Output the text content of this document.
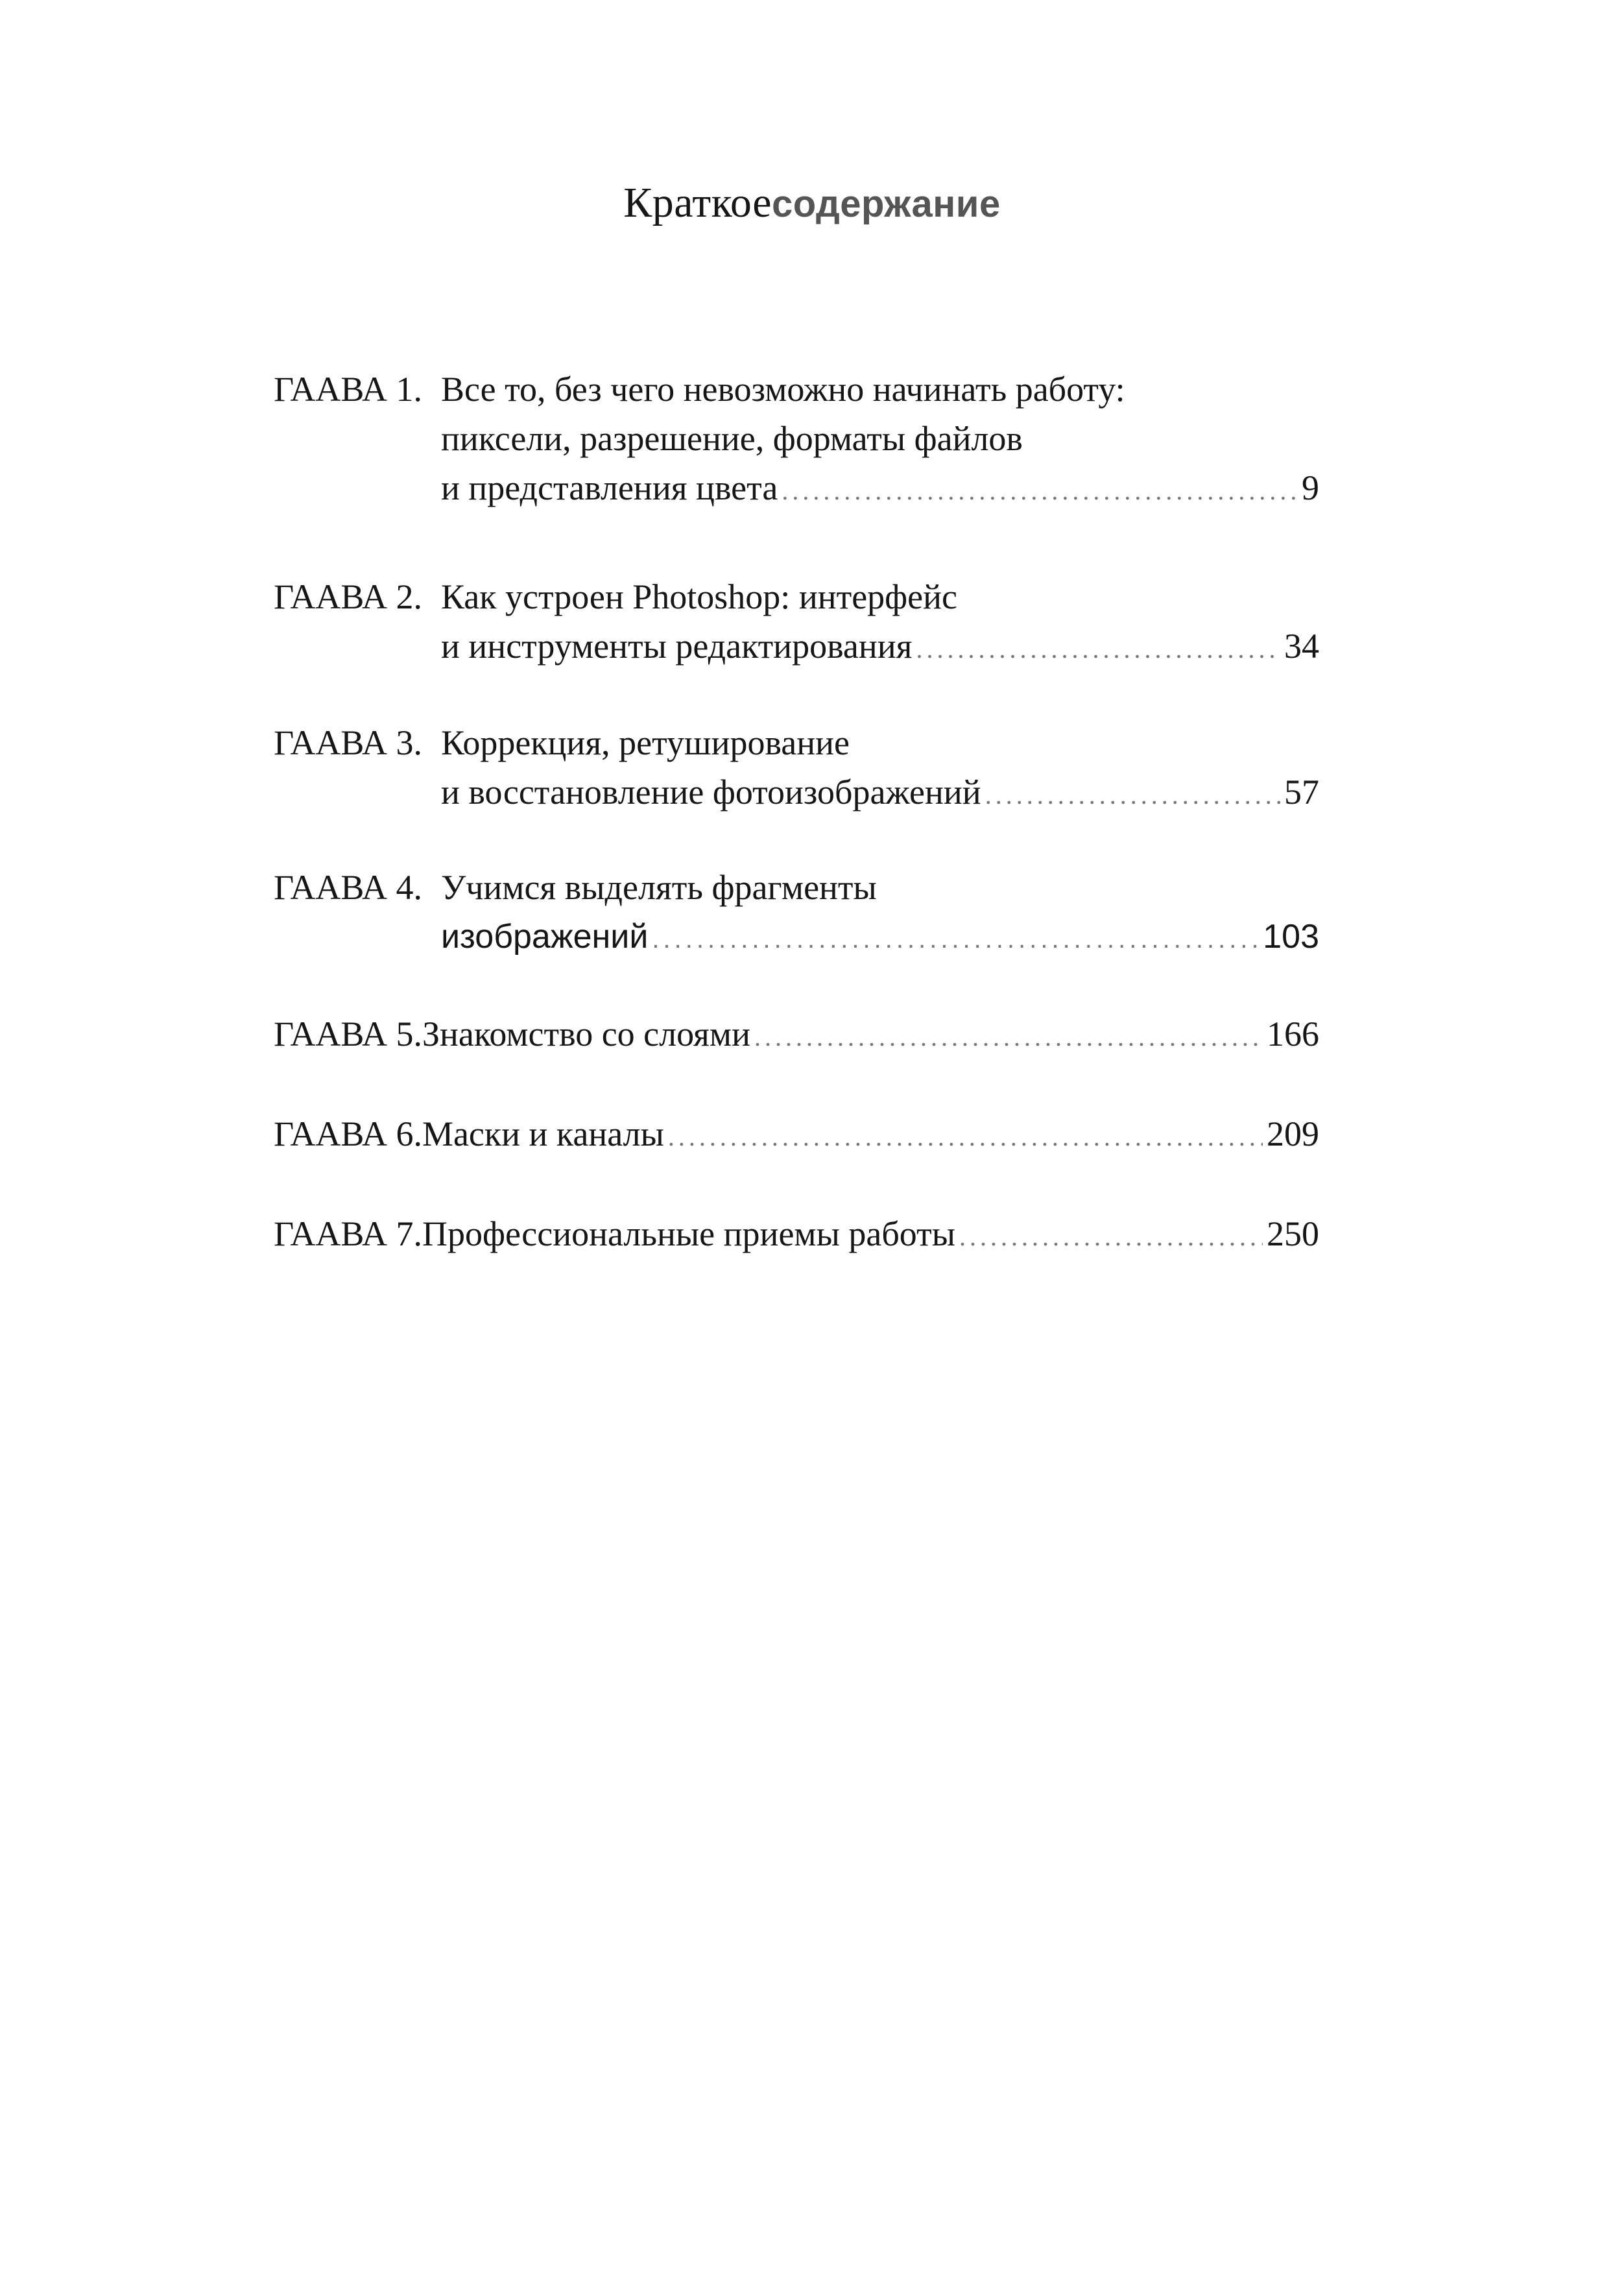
Краткоесодержание
ГААВА 1. Все то, без чего невозможно начинать работу:
пиксели, разрешение, форматы файлов
и представления цвета .....	9
ГААВА 2. Как устроен Photoshop: интерфейс
и инструменты редактирования .....	34
ГААВА 3. Коррекция, ретуширование
и восстановление фотоизображений .....	57
ГААВА 4. Учимся выделять фрагменты
изображений .....	103
ГААВА 5. Знакомство со слоями .....	166
ГААВА 6. Маски и каналы .....	209
ГААВА 7. Профессиональные приемы работы .....	250
